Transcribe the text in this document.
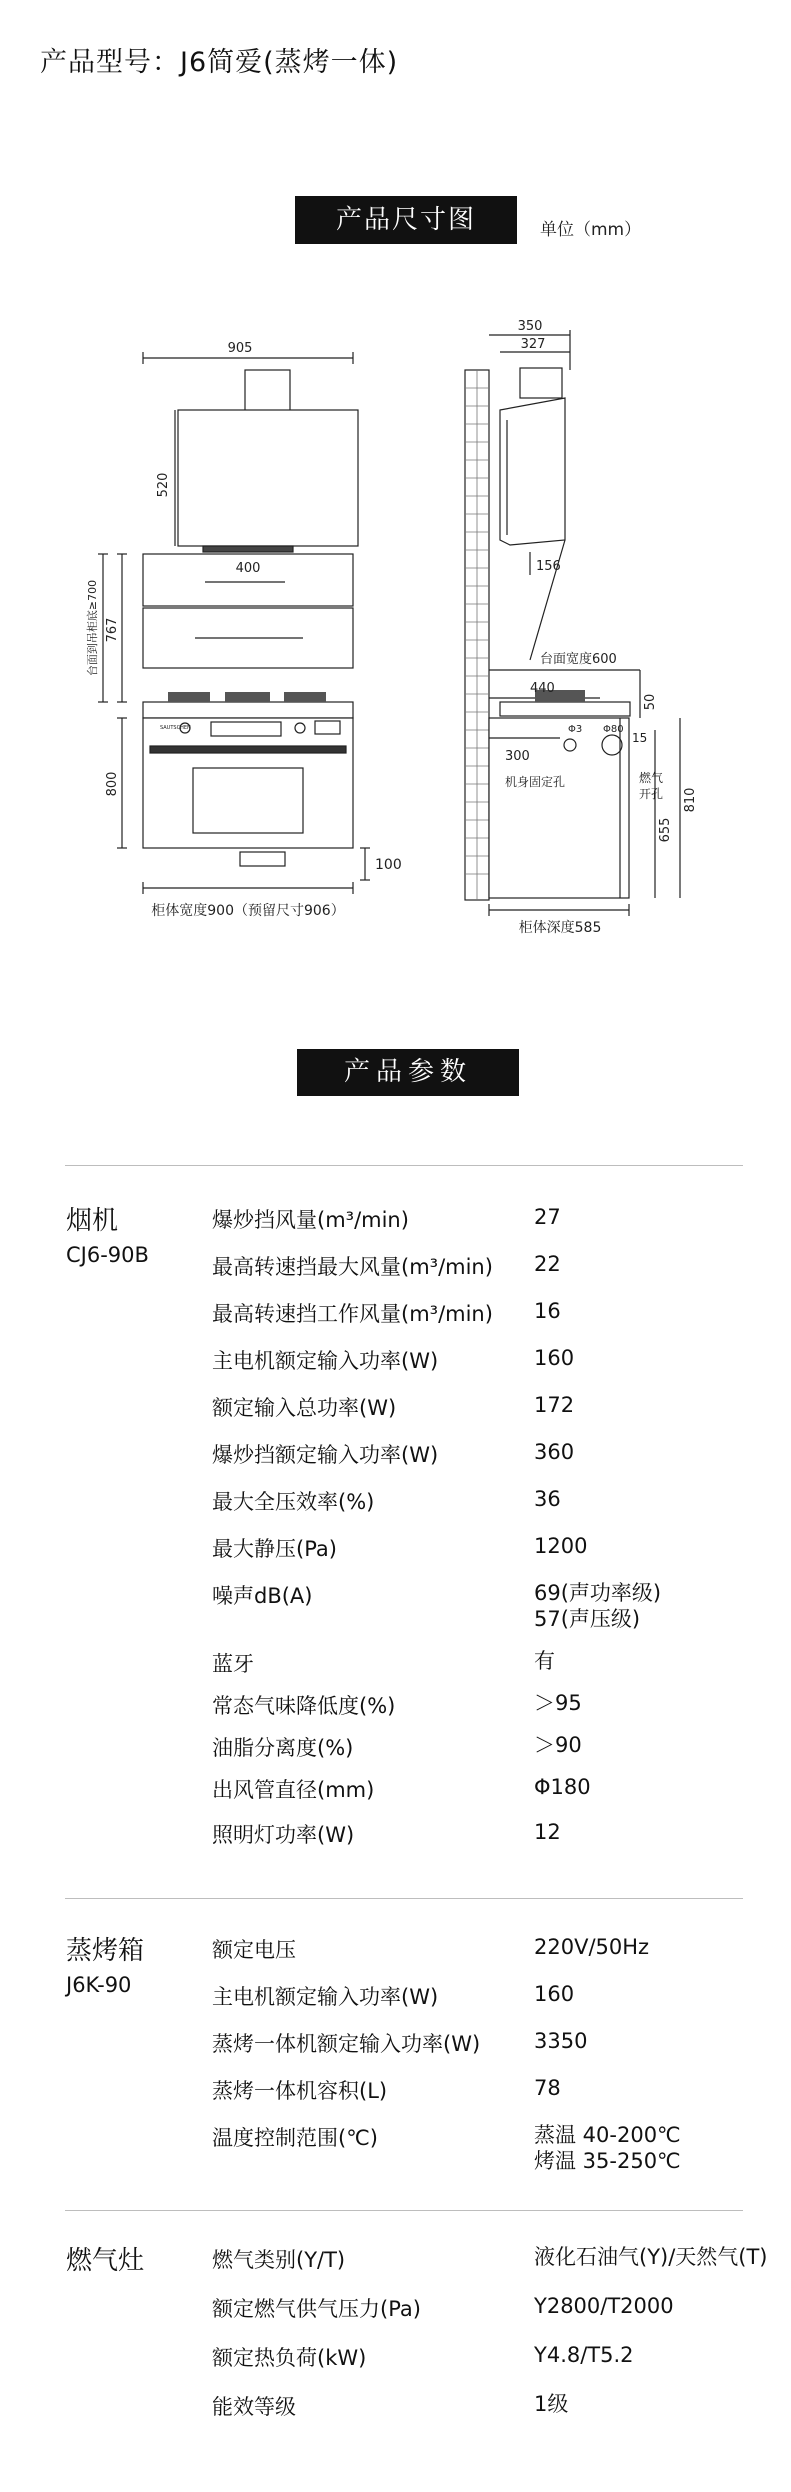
产品型号：J6简爱(蒸烤一体)
产品尺寸图	单位（mm）
905
520
400
767
台面到吊柜底≥700
SAUTSCHEN
800
100
柜体宽度900（预留尺寸906）
350
327
156
台面宽度600
440
50
300
Φ3 Φ80
15
机身固定孔	燃气
开孔
655
810
柜体深度585
产品参数
烟机
CJ6-90B
爆炒挡风量(m³/min)	27
最高转速挡最大风量(m³/min) 22
最高转速挡工作风量(m³/min) 16
主电机额定输入功率(W)	160
额定输入总功率(W)	172
爆炒挡额定输入功率(W)	360
最大全压效率(%)	36
最大静压(Pa)	1200
噪声dB(A)	69(声功率级)
57(声压级)
蓝牙	有
常态气味降低度(%)	＞95
油脂分离度(%)	＞90
出风管直径(mm)	Φ180
照明灯功率(W)	12
蒸烤箱
J6K-90
额定电压	220V/50Hz
主电机额定输入功率(W)	160
蒸烤一体机额定输入功率(W)	3350
蒸烤一体机容积(L)	78
温度控制范围(℃)	蒸温 40-200℃
烤温 35-250℃
燃气灶	燃气类别(Y/T)	液化石油气(Y)/天然气(T)
额定燃气供气压力(Pa)	Y2800/T2000
额定热负荷(kW)	Y4.8/T5.2
能效等级	1级
